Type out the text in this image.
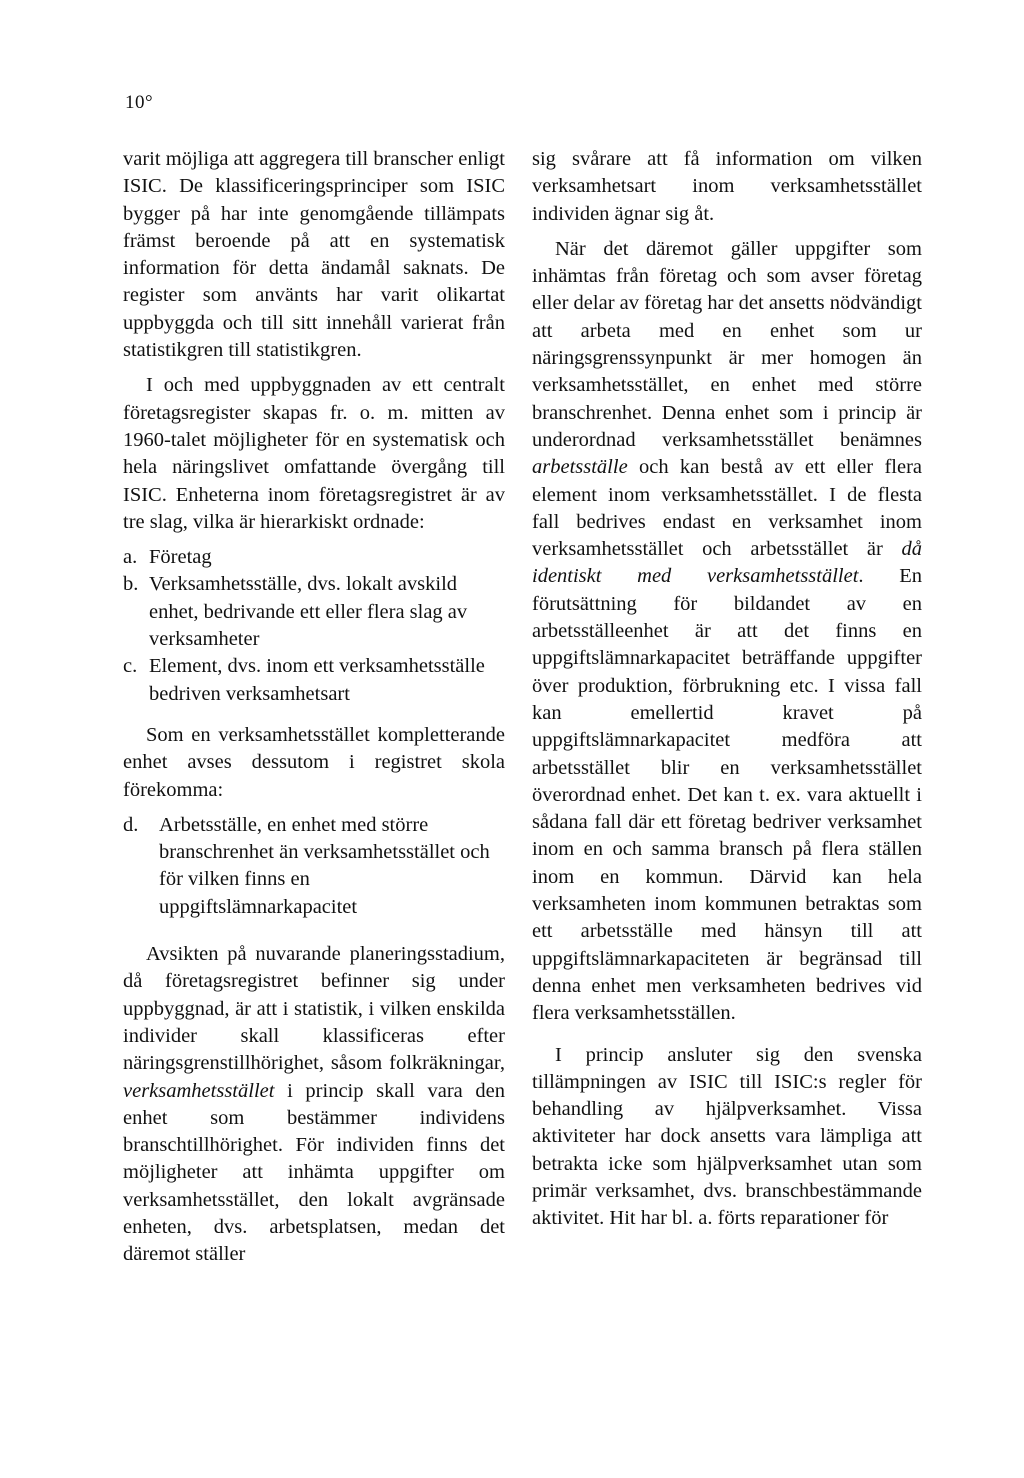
10°

varit möjliga att aggregera till branscher enligt ISIC. De klassificeringsprinciper som ISIC bygger på har inte genomgående tillämpats främst beroende på att en systematisk information för detta ändamål saknats. De register som använts har varit olikartat uppbyggda och till sitt innehåll varierat från statistikgren till statistikgren.

I och med uppbyggnaden av ett centralt företagsregister skapas fr. o. m. mitten av 1960-talet möjligheter för en systematisk och hela näringslivet omfattande övergång till ISIC. Enheterna inom företagsregistret är av tre slag, vilka är hierarkiskt ordnade:

a. Företag
b. Verksamhetsställe, dvs. lokalt avskild enhet, bedrivande ett eller flera slag av verksamheter
c. Element, dvs. inom ett verksamhetsställe bedriven verksamhetsart

Som en verksamhetsstället kompletterande enhet avses dessutom i registret skola förekomma:

d.	Arbetsställe, en enhet med större branschrenhet än verksamhetsstället och för vilken finns en uppgiftslämnarkapacitet

Avsikten på nuvarande planeringsstadium, då företagsregistret befinner sig under uppbyggnad, är att i statistik, i vilken enskilda individer skall klassificeras efter näringsgrenstillhörighet, såsom folkräkningar, verksamhetsstället i princip skall vara den enhet som bestämmer individens branschtillhörighet. För individen finns det möjligheter att inhämta uppgifter om verksamhetsstället, den lokalt avgränsade enheten, dvs. arbetsplatsen, medan det däremot ställer

sig svårare att få information om vilken verksamhetsart inom verksamhetsstället individen ägnar sig åt.

När det däremot gäller uppgifter som inhämtas från företag och som avser företag eller delar av företag har det ansetts nödvändigt att arbeta med en enhet som ur näringsgrenssynpunkt är mer homogen än verksamhetsstället, en enhet med större branschrenhet. Denna enhet som i princip är underordnad verksamhetsstället benämnes arbetsställe och kan bestå av ett eller flera element inom verksamhetsstället. I de flesta fall bedrives endast en verksamhet inom verksamhetsstället och arbetsstället är då identiskt med verksamhetsstället. En förutsättning för bildandet av en arbetsställeenhet är att det finns en uppgiftslämnarkapacitet beträffande uppgifter över produktion, förbrukning etc. I vissa fall kan emellertid kravet på uppgiftslämnarkapacitet medföra att arbetsstället blir en verksamhetsstället överordnad enhet. Det kan t. ex. vara aktuellt i sådana fall där ett företag bedriver verksamhet inom en och samma bransch på flera ställen inom en kommun. Därvid kan hela verksamheten inom kommunen betraktas som ett arbetsställe med hänsyn till att uppgiftslämnarkapaciteten är begränsad till denna enhet men verksamheten bedrives vid flera verksamhetsställen.

I princip ansluter sig den svenska tillämpningen av ISIC till ISIC:s regler för behandling av hjälpverksamhet. Vissa aktiviteter har dock ansetts vara lämpliga att betrakta icke som hjälpverksamhet utan som primär verksamhet, dvs. branschbestämmande aktivitet. Hit har bl. a. förts reparationer för
